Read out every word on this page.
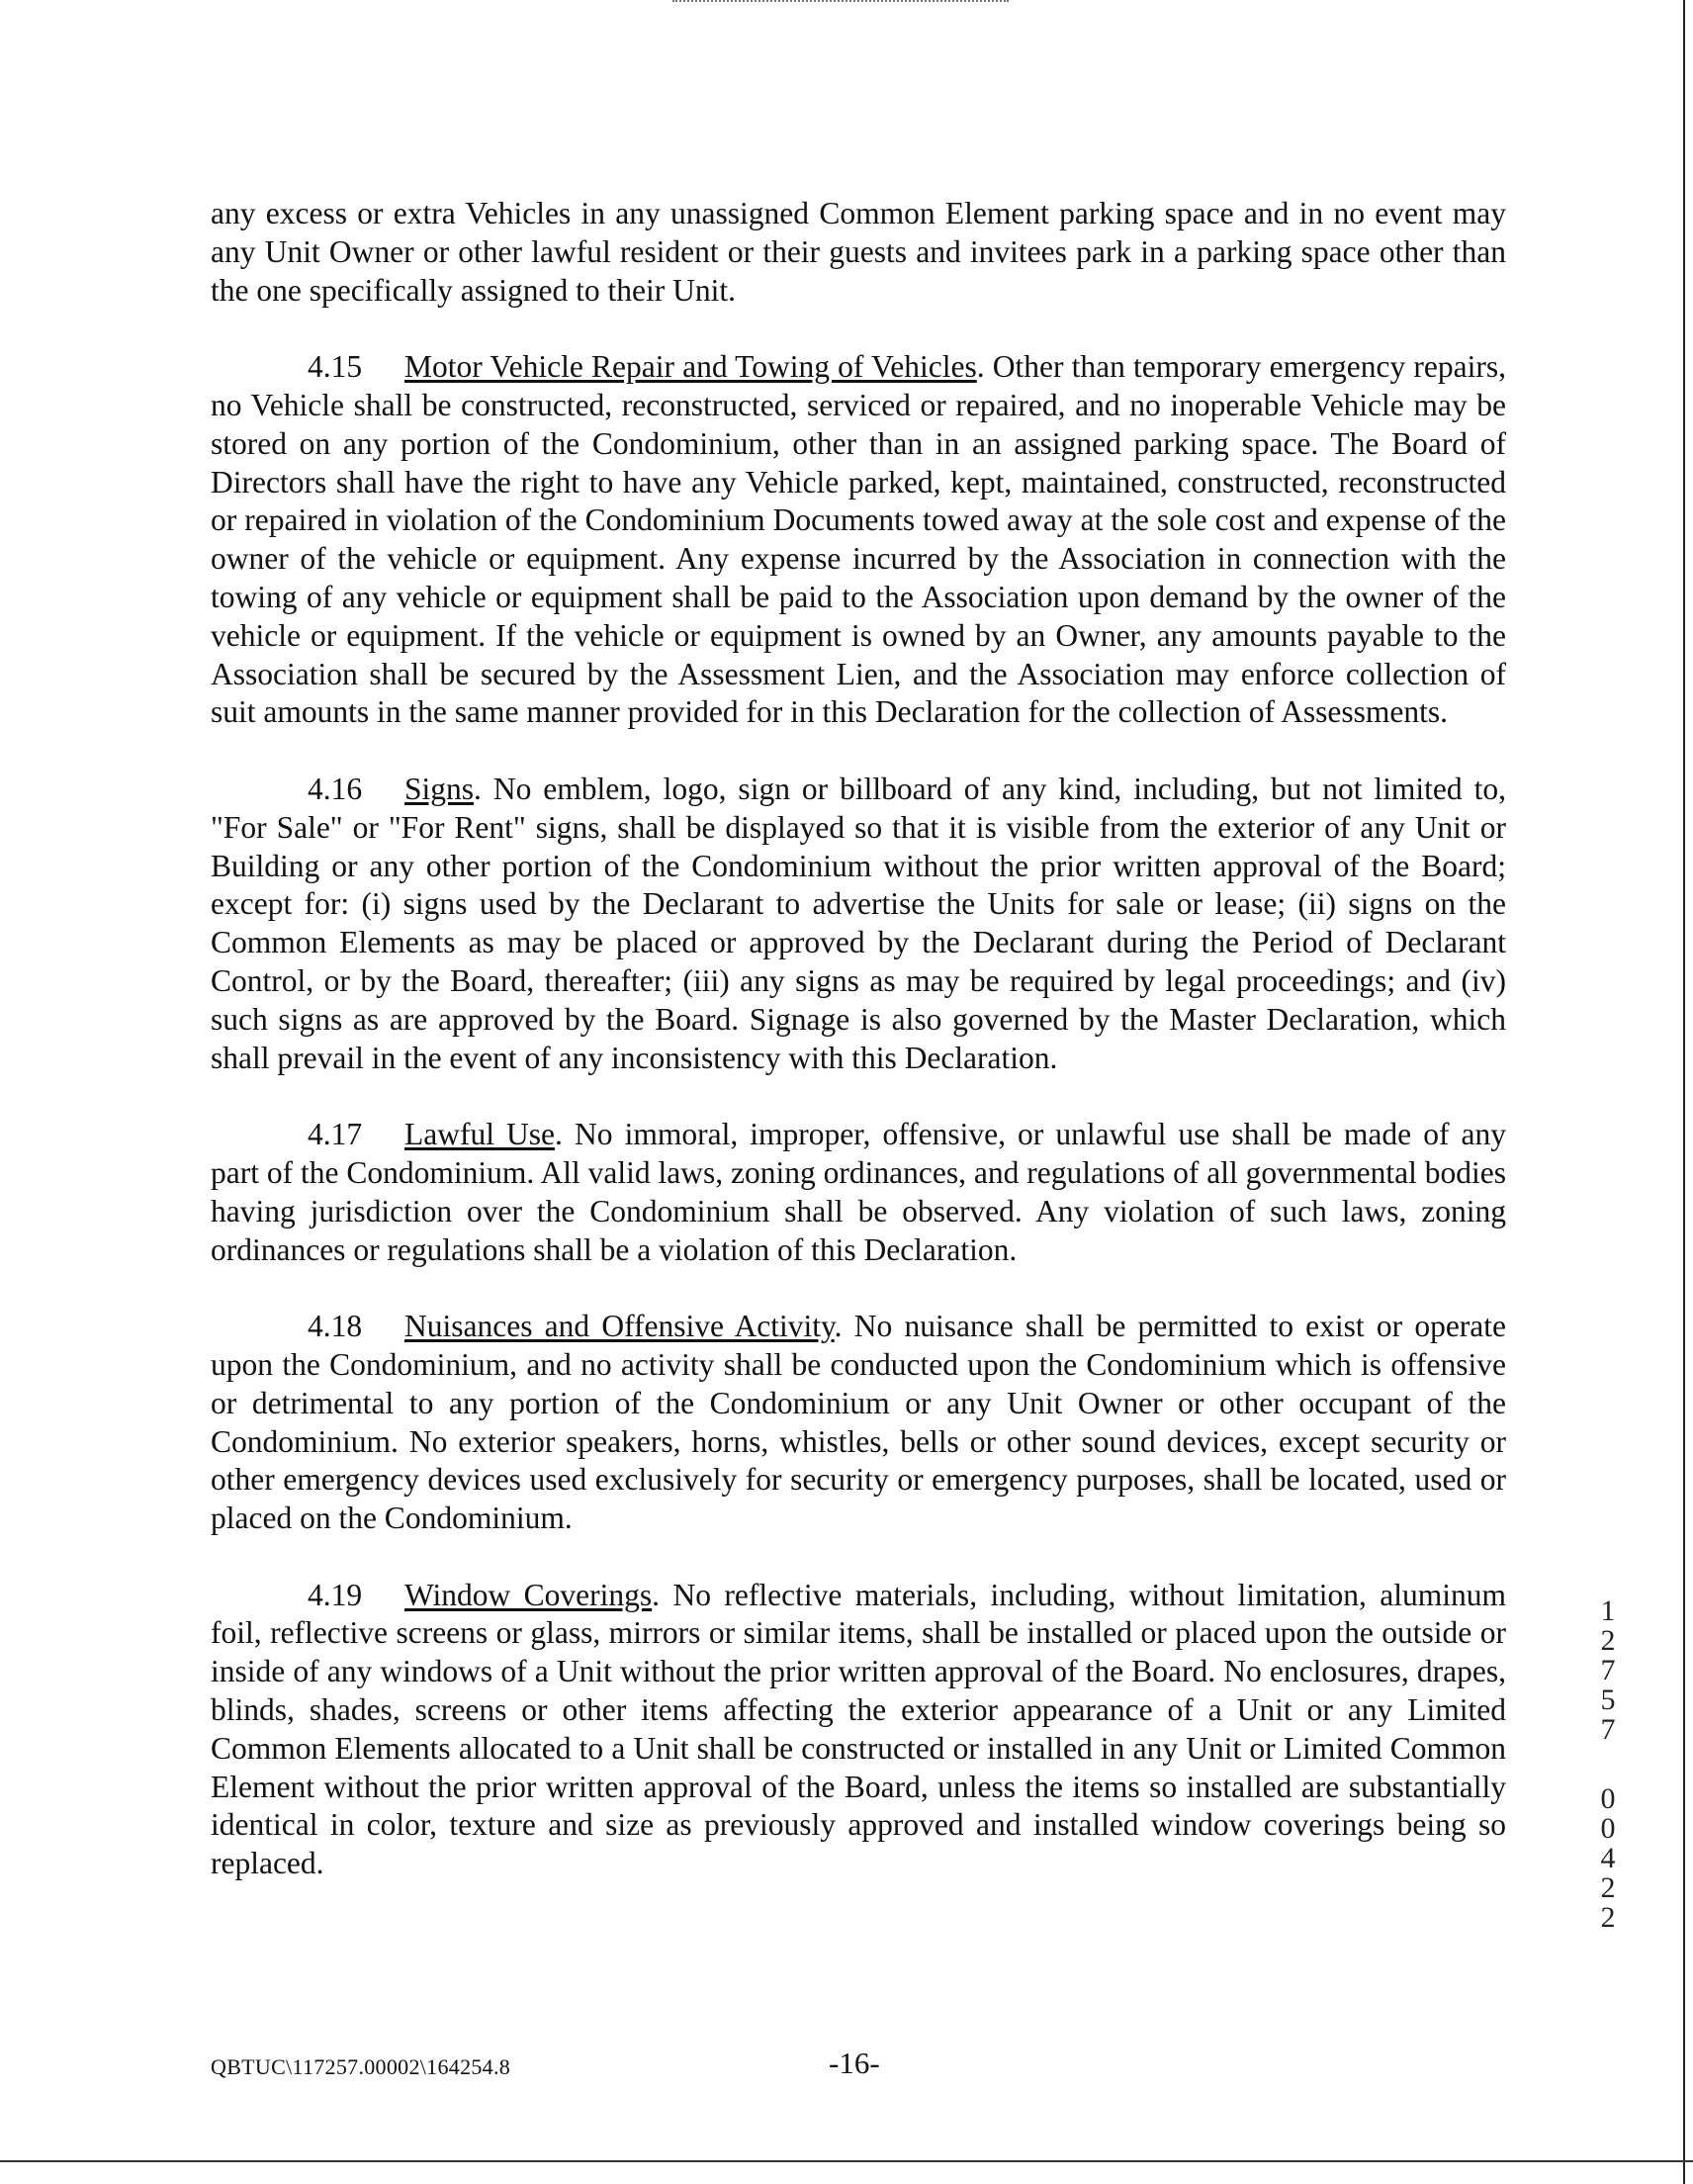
any excess or extra Vehicles in any unassigned Common Element parking space and in no event may any Unit Owner or other lawful resident or their guests and invitees park in a parking space other than the one specifically assigned to their Unit.

4.15 Motor Vehicle Repair and Towing of Vehicles. Other than temporary emergency repairs, no Vehicle shall be constructed, reconstructed, serviced or repaired, and no inoperable Vehicle may be stored on any portion of the Condominium, other than in an assigned parking space. The Board of Directors shall have the right to have any Vehicle parked, kept, maintained, constructed, reconstructed or repaired in violation of the Condominium Documents towed away at the sole cost and expense of the owner of the vehicle or equipment. Any expense incurred by the Association in connection with the towing of any vehicle or equipment shall be paid to the Association upon demand by the owner of the vehicle or equipment. If the vehicle or equipment is owned by an Owner, any amounts payable to the Association shall be secured by the Assessment Lien, and the Association may enforce collection of suit amounts in the same manner provided for in this Declaration for the collection of Assessments.

4.16 Signs. No emblem, logo, sign or billboard of any kind, including, but not limited to, "For Sale" or "For Rent" signs, shall be displayed so that it is visible from the exterior of any Unit or Building or any other portion of the Condominium without the prior written approval of the Board; except for: (i) signs used by the Declarant to advertise the Units for sale or lease; (ii) signs on the Common Elements as may be placed or approved by the Declarant during the Period of Declarant Control, or by the Board, thereafter; (iii) any signs as may be required by legal proceedings; and (iv) such signs as are approved by the Board. Signage is also governed by the Master Declaration, which shall prevail in the event of any inconsistency with this Declaration.

4.17 Lawful Use. No immoral, improper, offensive, or unlawful use shall be made of any part of the Condominium. All valid laws, zoning ordinances, and regulations of all governmental bodies having jurisdiction over the Condominium shall be observed. Any violation of such laws, zoning ordinances or regulations shall be a violation of this Declaration.

4.18 Nuisances and Offensive Activity. No nuisance shall be permitted to exist or operate upon the Condominium, and no activity shall be conducted upon the Condominium which is offensive or detrimental to any portion of the Condominium or any Unit Owner or other occupant of the Condominium. No exterior speakers, horns, whistles, bells or other sound devices, except security or other emergency devices used exclusively for security or emergency purposes, shall be located, used or placed on the Condominium.

4.19 Window Coverings. No reflective materials, including, without limitation, aluminum foil, reflective screens or glass, mirrors or similar items, shall be installed or placed upon the outside or inside of any windows of a Unit without the prior written approval of the Board. No enclosures, drapes, blinds, shades, screens or other items affecting the exterior appearance of a Unit or any Limited Common Elements allocated to a Unit shall be constructed or installed in any Unit or Limited Common Element without the prior written approval of the Board, unless the items so installed are substantially identical in color, texture and size as previously approved and installed window coverings being so replaced.

1
2
7
5
7
0
0
4
2
2
QBTUC\117257.00002\164254.8	-16-
